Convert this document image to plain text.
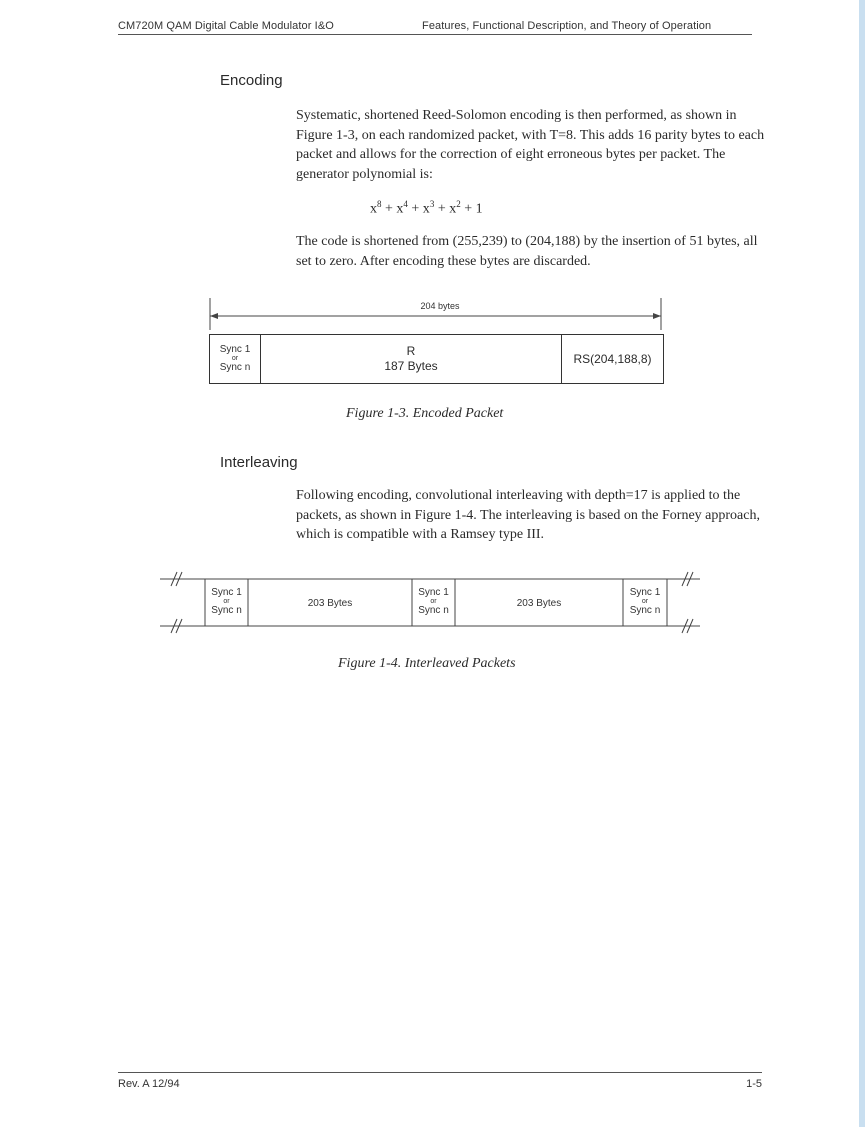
CM720M QAM Digital Cable Modulator I&O	Features, Functional Description, and Theory of Operation
Encoding
Systematic, shortened Reed-Solomon encoding is then performed, as shown in Figure 1-3, on each randomized packet, with T=8. This adds 16 parity bytes to each packet and allows for the correction of eight erroneous bytes per packet. The generator polynomial is:
$x^8 + x^4 + x^3 + x^2 + 1$
The code is shortened from (255,239) to (204,188) by the insertion of 51 bytes, all set to zero. After encoding these bytes are discarded.
204 bytes
Sync 1
or
Sync n
R
187 Bytes	RS(204,188,8)
Figure 1-3. Encoded Packet
Interleaving
Following encoding, convolutional interleaving with depth=17 is applied to the packets, as shown in Figure 1-4. The interleaving is based on the Forney approach, which is compatible with a Ramsey type III.
Sync 1
or
Sync n
203 Bytes
Sync 1
or
Sync n
203 Bytes
Sync 1
or
Sync n
Figure 1-4. Interleaved Packets
Rev. A 12/94	1-5
